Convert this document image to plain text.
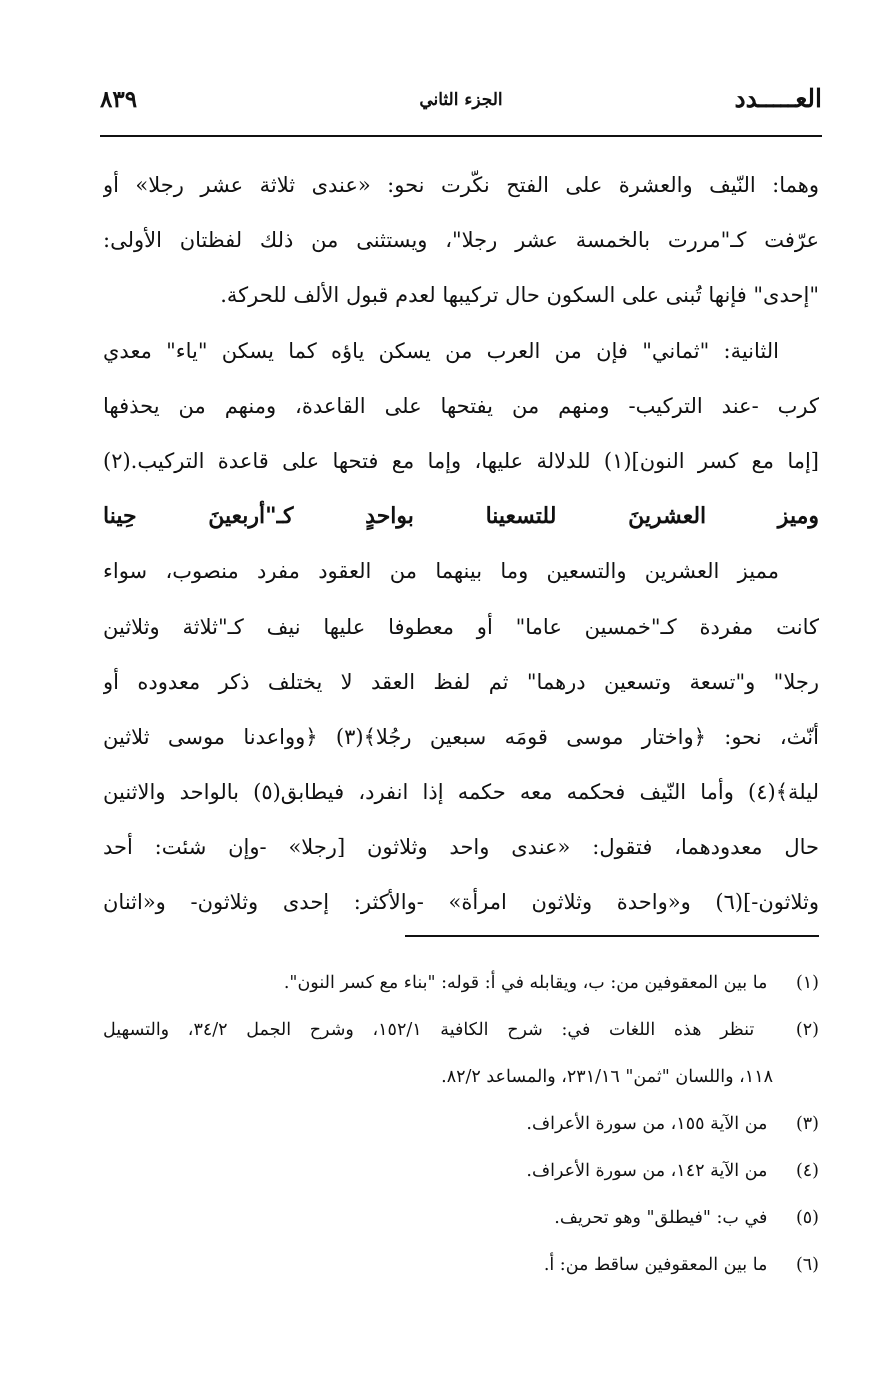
العـــــدد
الجزء الثاني
٨٣٩
وهما: النّيف والعشرة على الفتح نكّرت نحو: «عندى ثلاثة عشر رجلا» أو
عرّفت كـ"مررت بالخمسة عشر رجلا"، ويستثنى من ذلك لفظتان الأولى:
"إحدى" فإنها تُبنى على السكون حال تركيبها لعدم قبول الألف للحركة.
الثانية: "ثماني" فإن من العرب من يسكن ياؤه كما يسكن "ياء" معدي
كرب -عند التركيب- ومنهم من يفتحها على القاعدة، ومنهم من يحذفها
[إما مع كسر النون](١) للدلالة عليها، وإما مع فتحها على قاعدة التركيب.(٢)
وميز العشرينَ للتسعينا بواحدٍ كـ"أربعينَ حِينا
مميز العشرين والتسعين وما بينهما من العقود مفرد منصوب، سواء
كانت مفردة كـ"خمسين عاما" أو معطوفا عليها نيف كـ"ثلاثة وثلاثين
رجلا" و"تسعة وتسعين درهما" ثم لفظ العقد لا يختلف ذكر معدوده أو
أنّث، نحو: ﴿واختار موسى قومَه سبعين رجُلا﴾(٣) ﴿وواعدنا موسى ثلاثين
ليلة﴾(٤) وأما النّيف فحكمه معه حكمه إذا انفرد، فيطابق(٥) بالواحد والاثنين
حال معدودهما، فتقول: «عندى واحد وثلاثون [رجلا» -وإن شئت: أحد
وثلاثون-](٦) و«واحدة وثلاثون امرأة» -والأكثر: إحدى وثلاثون- و«اثنان
(١) ما بين المعقوفين من: ب، ويقابله في أ: قوله: "بناء مع كسر النون".
(٢) تنظر هذه اللغات في: شرح الكافية ١٥٢/١، وشرح الجمل ٣٤/٢، والتسهيل
١١٨، واللسان "ثمن" ٢٣١/١٦، والمساعد ٨٢/٢.
(٣) من الآية ١٥٥، من سورة الأعراف.
(٤) من الآية ١٤٢، من سورة الأعراف.
(٥) في ب: "فيطلق" وهو تحريف.
(٦) ما بين المعقوفين ساقط من: أ.
